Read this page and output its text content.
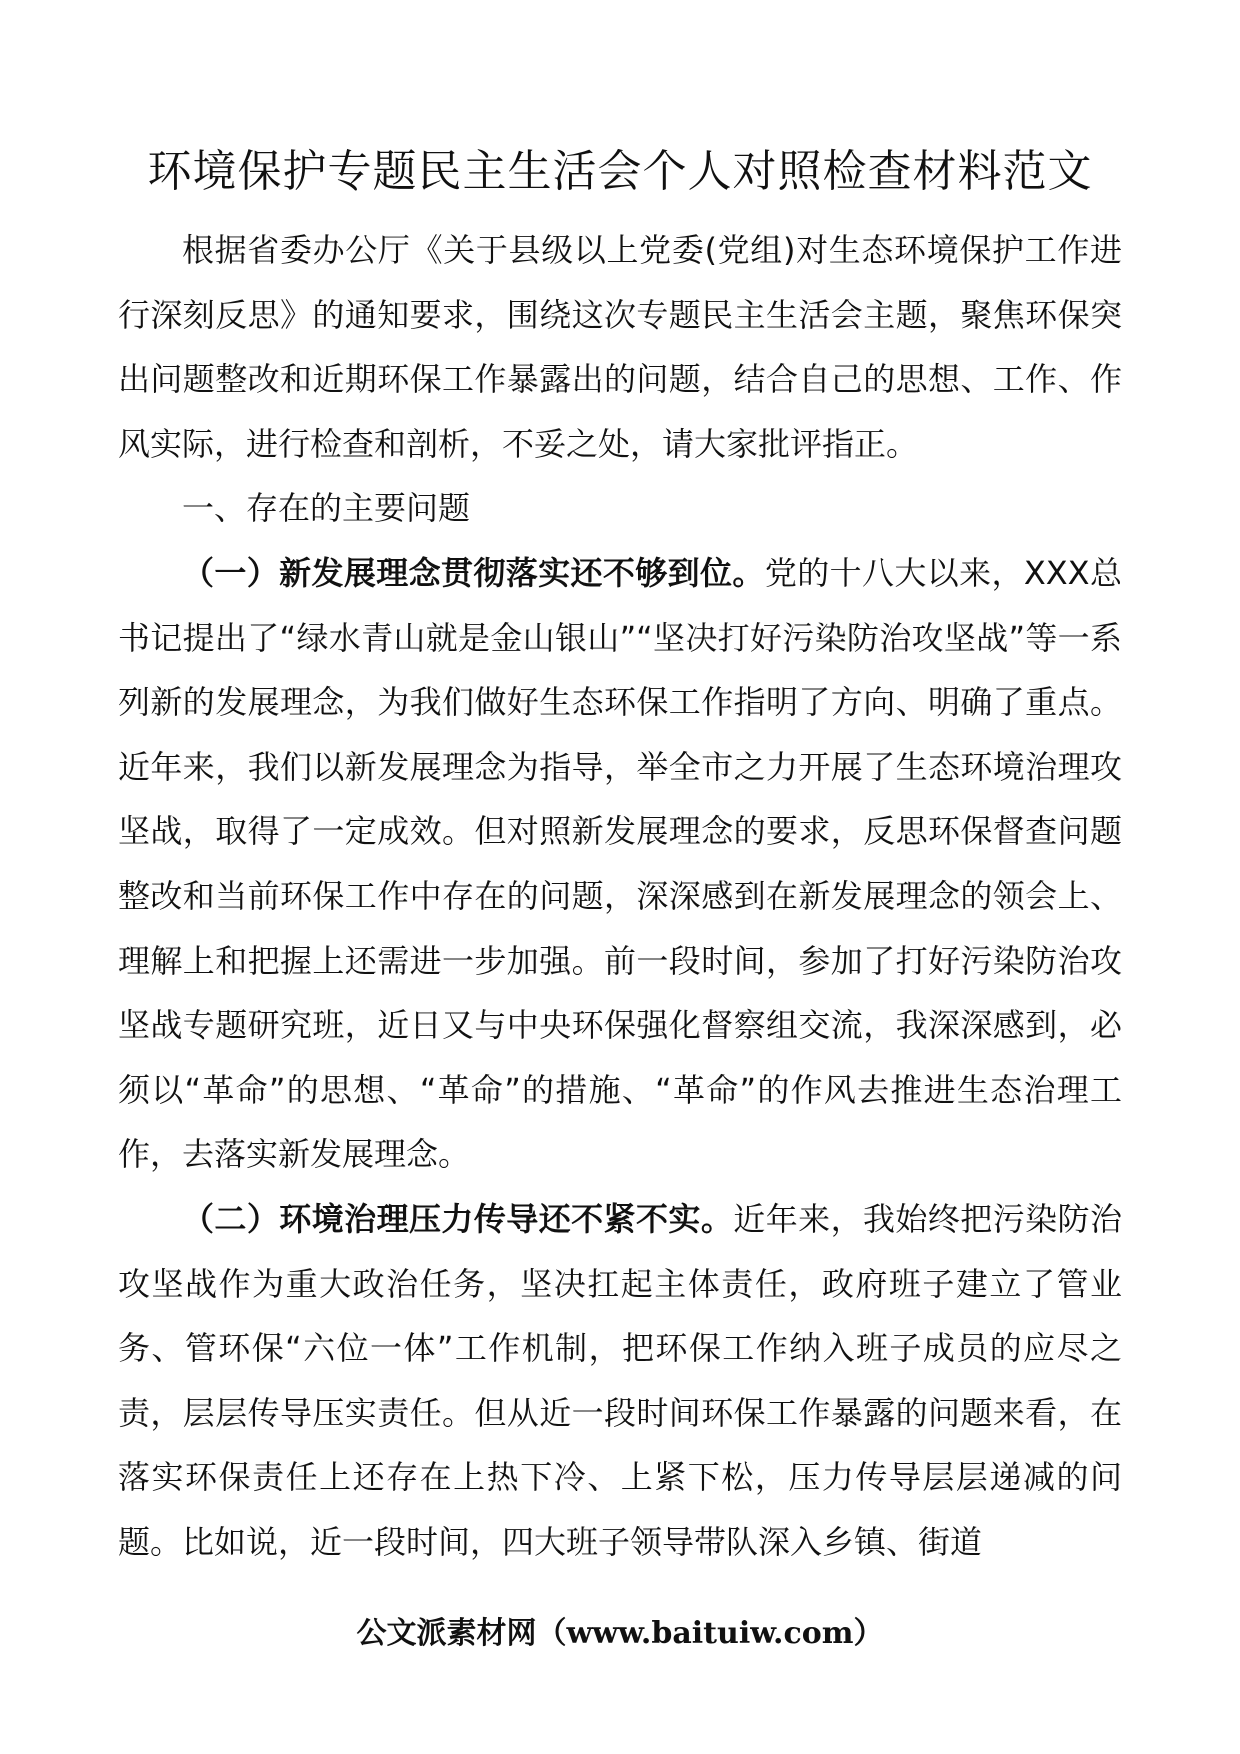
环境保护专题民主生活会个人对照检查材料范文

根据省委办公厅《关于县级以上党委(党组)对生态环境保护工作进行深刻反思》的通知要求，围绕这次专题民主生活会主题，聚焦环保突出问题整改和近期环保工作暴露出的问题，结合自己的思想、工作、作风实际，进行检查和剖析，不妥之处，请大家批评指正。

一、存在的主要问题

（一）新发展理念贯彻落实还不够到位。党的十八大以来，XXX总书记提出了“绿水青山就是金山银山”“坚决打好污染防治攻坚战”等一系列新的发展理念，为我们做好生态环保工作指明了方向、明确了重点。近年来，我们以新发展理念为指导，举全市之力开展了生态环境治理攻坚战，取得了一定成效。但对照新发展理念的要求，反思环保督查问题整改和当前环保工作中存在的问题，深深感到在新发展理念的领会上、理解上和把握上还需进一步加强。前一段时间，参加了打好污染防治攻坚战专题研究班，近日又与中央环保强化督察组交流，我深深感到，必须以“革命”的思想、“革命”的措施、“革命”的作风去推进生态治理工作，去落实新发展理念。

（二）环境治理压力传导还不紧不实。近年来，我始终把污染防治攻坚战作为重大政治任务，坚决扛起主体责任，政府班子建立了管业务、管环保“六位一体”工作机制，把环保工作纳入班子成员的应尽之责，层层传导压实责任。但从近一段时间环保工作暴露的问题来看，在落实环保责任上还存在上热下冷、上紧下松，压力传导层层递减的问题。比如说，近一段时间，四大班子领导带队深入乡镇、街道

公文派素材网（www.baituiw.com）
